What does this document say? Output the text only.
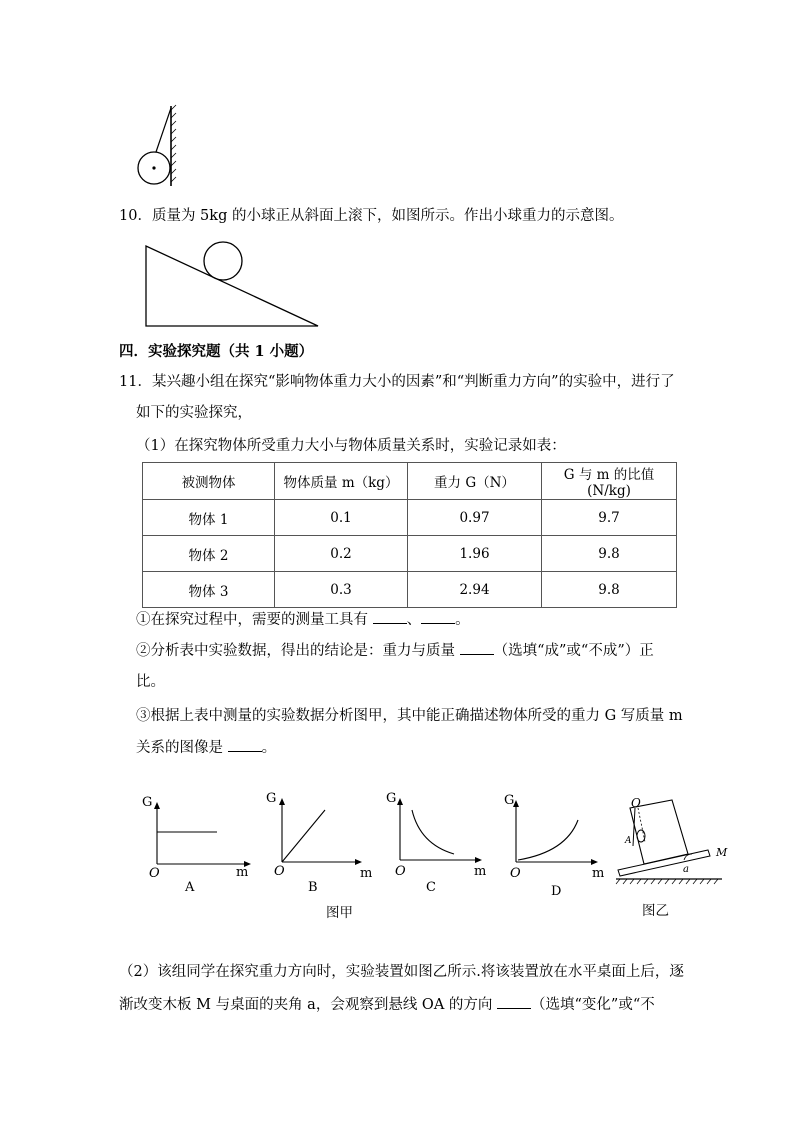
10．质量为 5kg 的小球正从斜面上滚下，如图所示。作出小球重力的示意图。
四．实验探究题（共 1 小题）
11．某兴趣小组在探究“影响物体重力大小的因素”和“判断重力方向”的实验中，进行了
如下的实验探究，
（1）在探究物体所受重力大小与物体质量关系时，实验记录如表：
被测物体	物体质量 m（kg）	重力 G（N）	G 与 m 的比值(N/kg)
物体 1	0.1	0.97	9.7
物体 2	0.2	1.96	9.8
物体 3	0.3	2.94	9.8
①在探究过程中，需要的测量工具有 、 。
②分析表中实验数据，得出的结论是：重力与质量 （选填“成”或“不成”）正
比。
③根据上表中测量的实验数据分析图甲，其中能正确描述物体所受的重力 G 写质量 m
关系的图像是 。
G
O	m
A
G
O	m
B
G
O	m
C
G
O	m
D
图甲
O
A
M
a
图乙
（2）该组同学在探究重力方向时，实验装置如图乙所示.将该装置放在水平桌面上后，逐
渐改变木板 M 与桌面的夹角 a，会观察到悬线 OA 的方向 （选填“变化”或“不
